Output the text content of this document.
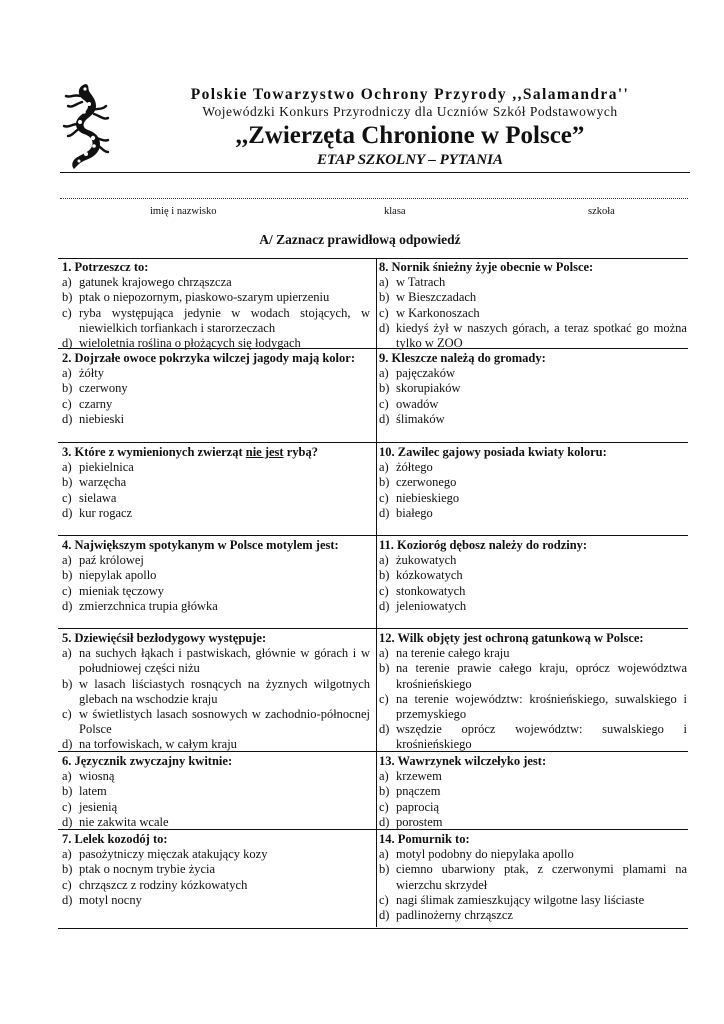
Polskie Towarzystwo Ochrony Przyrody ,,Salamandra''
Wojewódzki Konkurs Przyrodniczy dla Uczniów Szkół Podstawowych
,,Zwierzęta Chronione w Polsce”
ETAP SZKOLNY – PYTANIA
imię i nazwisko	klasa	szkoła
A/ Zaznacz prawidłową odpowiedź
1. Potrzeszcz to:
a) gatunek krajowego chrząszcza
b) ptak o niepozornym, piaskowo-szarym upierzeniu
c) ryba występująca jedynie w wodach stojących, w niewielkich torfiankach i starorzeczach
d) wieloletnia roślina o płożących się łodygach
2. Dojrzałe owoce pokrzyka wilczej jagody mają kolor:
a) żółty
b) czerwony
c) czarny
d) niebieski
3. Które z wymienionych zwierząt nie jest rybą?
a) piekielnica
b) warzęcha
c) sielawa
d) kur rogacz
4. Największym spotykanym w Polsce motylem jest:
a) paź królowej
b) niepylak apollo
c) mieniak tęczowy
d) zmierzchnica trupia główka
5. Dziewięćsił bezłodygowy występuje:
a) na suchych łąkach i pastwiskach, głównie w górach i w południowej części niżu
b) w lasach liściastych rosnących na żyznych wilgotnych glebach na wschodzie kraju
c) w świetlistych lasach sosnowych w zachodnio-północnej Polsce
d) na torfowiskach, w całym kraju
6. Języcznik zwyczajny kwitnie:
a) wiosną
b) latem
c) jesienią
d) nie zakwita wcale
7. Lelek kozodój to:
a) pasożytniczy mięczak atakujący kozy
b) ptak o nocnym trybie życia
c) chrząszcz z rodziny kózkowatych
d) motyl nocny
8. Nornik śnieżny żyje obecnie w Polsce:
a) w Tatrach
b) w Bieszczadach
c) w Karkonoszach
d) kiedyś żył w naszych górach, a teraz spotkać go można tylko w ZOO
9. Kleszcze należą do gromady:
a) pajęczaków
b) skorupiaków
c) owadów
d) ślimaków
10. Zawilec gajowy posiada kwiaty koloru:
a) żółtego
b) czerwonego
c) niebieskiego
d) białego
11. Kozioróg dębosz należy do rodziny:
a) żukowatych
b) kózkowatych
c) stonkowatych
d) jeleniowatych
12. Wilk objęty jest ochroną gatunkową w Polsce:
a) na terenie całego kraju
b) na terenie prawie całego kraju, oprócz województwa krośnieńskiego
c) na terenie województw: krośnieńskiego, suwalskiego i przemyskiego
d) wszędzie oprócz województw: suwalskiego i krośnieńskiego
13. Wawrzynek wilczełyko jest:
a) krzewem
b) pnączem
c) paprocią
d) porostem
14. Pomurnik to:
a) motyl podobny do niepylaka apollo
b) ciemno ubarwiony ptak, z czerwonymi plamami na wierzchu skrzydeł
c) nagi ślimak zamieszkujący wilgotne lasy liściaste
d) padlinożerny chrząszcz
